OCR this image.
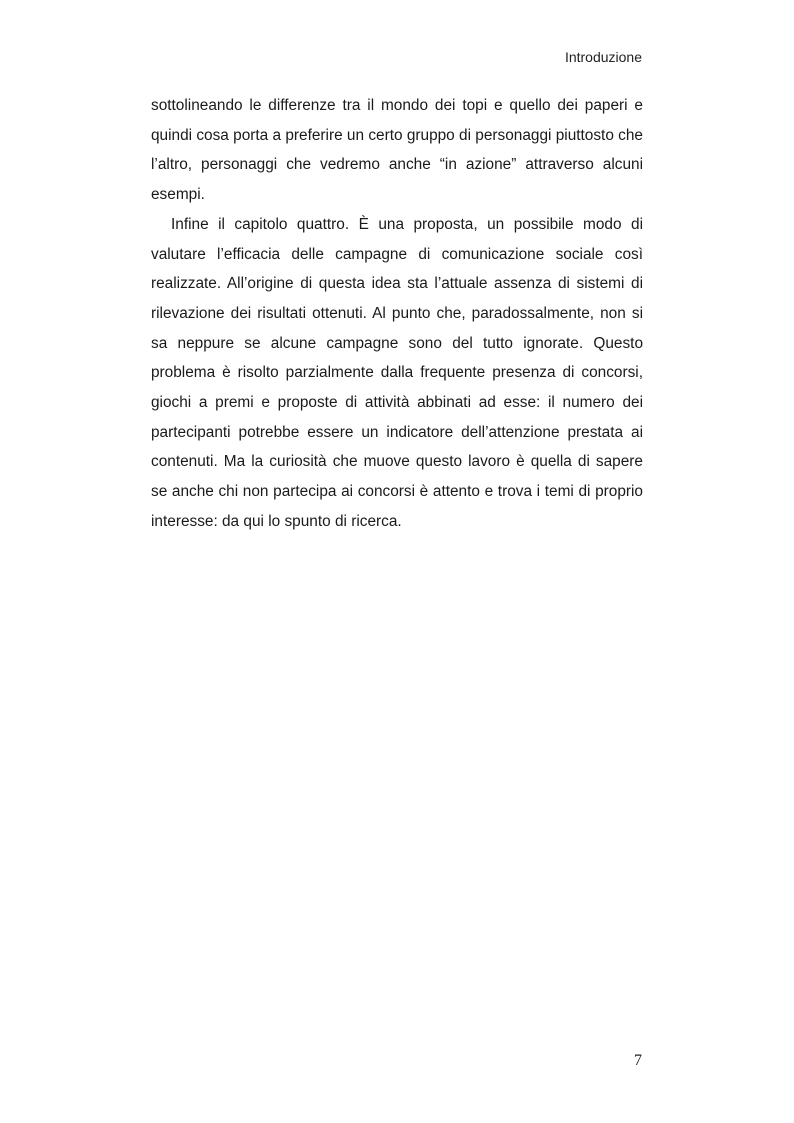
Introduzione

sottolineando le differenze tra il mondo dei topi e quello dei paperi e quindi cosa porta a preferire un certo gruppo di personaggi piuttosto che l’altro, personaggi che vedremo anche “in azione” attraverso alcuni esempi.

Infine il capitolo quattro. È una proposta, un possibile modo di valutare l’efficacia delle campagne di comunicazione sociale così realizzate. All’origine di questa idea sta l’attuale assenza di sistemi di rilevazione dei risultati ottenuti. Al punto che, paradossalmente, non si sa neppure se alcune campagne sono del tutto ignorate. Questo problema è risolto parzialmente dalla frequente presenza di concorsi, giochi a premi e proposte di attività abbinati ad esse: il numero dei partecipanti potrebbe essere un indicatore dell’attenzione prestata ai contenuti. Ma la curiosità che muove questo lavoro è quella di sapere se anche chi non partecipa ai concorsi è attento e trova i temi di proprio interesse: da qui lo spunto di ricerca.

7
